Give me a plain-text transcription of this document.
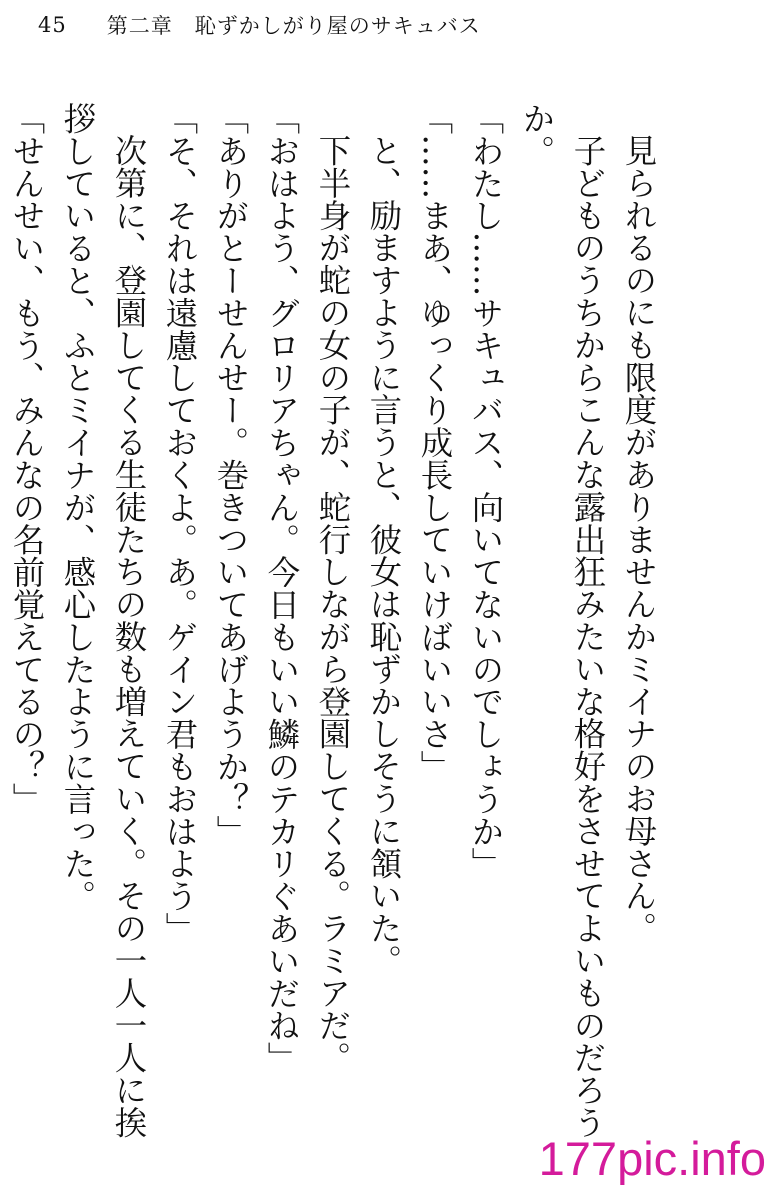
45 第二章 恥ずかしがり屋のサキュバス

見られるのにも限度がありませんかミイナのお母さん。

子どものうちからこんな露出狂みたいな格好をさせてよいものだろうか。

「わたし……サキュバス、向いてないのでしょうか」

「……まあ、ゆっくり成長していけばいいさ」

と、励ますように言うと、彼女は恥ずかしそうに頷いた。

下半身が蛇の女の子が、蛇行しながら登園してくる。ラミアだ。

「おはよう、グロリアちゃん。今日もいい鱗のテカリぐあいだね」

「ありがとーせんせー。巻きついてあげようか？」

「そ、それは遠慮しておくよ。あ。ゲイン君もおはよう」

次第に、登園してくる生徒たちの数も増えていく。その一人一人に挨拶していると、ふとミイナが、感心したように言った。

「せんせい、もう、みんなの名前覚えてるの？」

177pic.info
